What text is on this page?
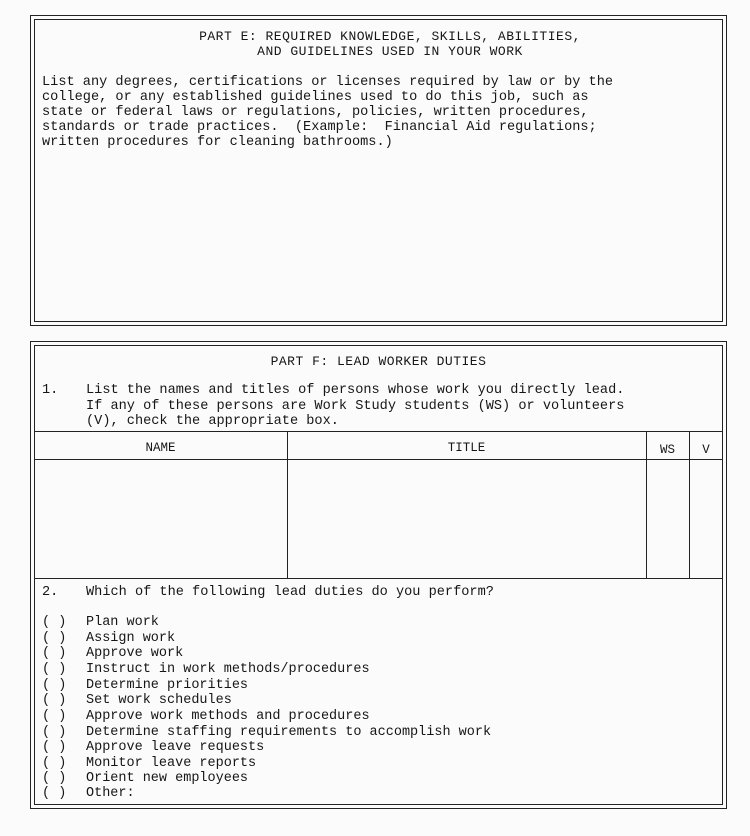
PART E: REQUIRED KNOWLEDGE, SKILLS, ABILITIES,
AND GUIDELINES USED IN YOUR WORK
List any degrees, certifications or licenses required by law or by the
college, or any established guidelines used to do this job, such as
state or federal laws or regulations, policies, written procedures,
standards or trade practices.  (Example:  Financial Aid regulations;
written procedures for cleaning bathrooms.)
PART F: LEAD WORKER DUTIES
1. List the names and titles of persons whose work you directly lead.
If any of these persons are Work Study students (WS) or volunteers
(V), check the appropriate box.
NAME	TITLE	WS	V
2. Which of the following lead duties do you perform?
( ) Plan work
( ) Assign work
( ) Approve work
( ) Instruct in work methods/procedures
( ) Determine priorities
( ) Set work schedules
( ) Approve work methods and procedures
( ) Determine staffing requirements to accomplish work
( ) Approve leave requests
( ) Monitor leave reports
( ) Orient new employees
( ) Other:
